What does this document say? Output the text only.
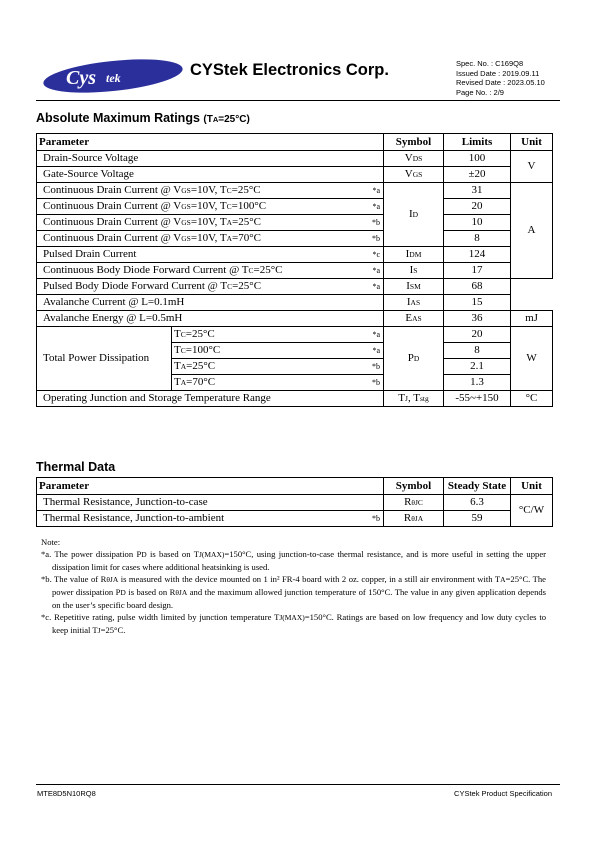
Cys tek	CYStek Electronics Corp.	Spec. No. : C169Q8
Issued Date : 2019.09.11
Revised Date : 2023.05.10
Page No. : 2/9
Absolute Maximum Ratings (TA=25°C)
Parameter		Symbol	Limits	Unit
Drain-Source Voltage		VDS	100	V
Gate-Source Voltage		VGS	±20	

Continuous Drain Current @ VGS=10V, TC=25°C *a		ID	31	A

Continuous Drain Current @ VGS=10V, TC=100°C *a			20	

Continuous Drain Current @ VGS=10V, TA=25°C *b			10	

Continuous Drain Current @ VGS=10V, TA=70°C *b			8	

Pulsed Drain Current *c		IDM	124	

Continuous Body Diode Forward Current @ TC=25°C *a		IS	17	

Pulsed Body Diode Forward Current @ TC=25°C *a		ISM	68	
Avalanche Current @ L=0.1mH		IAS	15	
Avalanche Energy @ L=0.5mH		EAS	36	mJ
Total Power Dissipation	TC=25°C *a	PD	20	W

	TC=100°C *a		8	

	TA=25°C *b		2.1	

	TA=70°C *b		1.3	
Operating Junction and Storage Temperature Range		TJ, Tstg	-55~+150	°C
Thermal Data
Parameter	Symbol	Steady State	Unit

Thermal Resistance, Junction-to-case	RθJC	6.3	°C/W

Thermal Resistance, Junction-to-ambient *b	RθJA	59	
Note:
*a. The power dissipation PD is based on TJ(MAX)=150°C, using junction-to-case thermal resistance, and is more useful in setting the upper dissipation limit for cases where additional heatsinking is used.
*b. The value of RθJA is measured with the device mounted on 1 in² FR-4 board with 2 oz. copper, in a still air environment with TA=25°C. The power dissipation PD is based on RθJA and the maximum allowed junction temperature of 150°C. The value in any given application depends on the user’s specific board design.
*c. Repetitive rating, pulse width limited by junction temperature TJ(MAX)=150°C. Ratings are based on low frequency and low duty cycles to keep initial TJ=25°C.
MTE8D5N10RQ8	CYStek Product Specification
